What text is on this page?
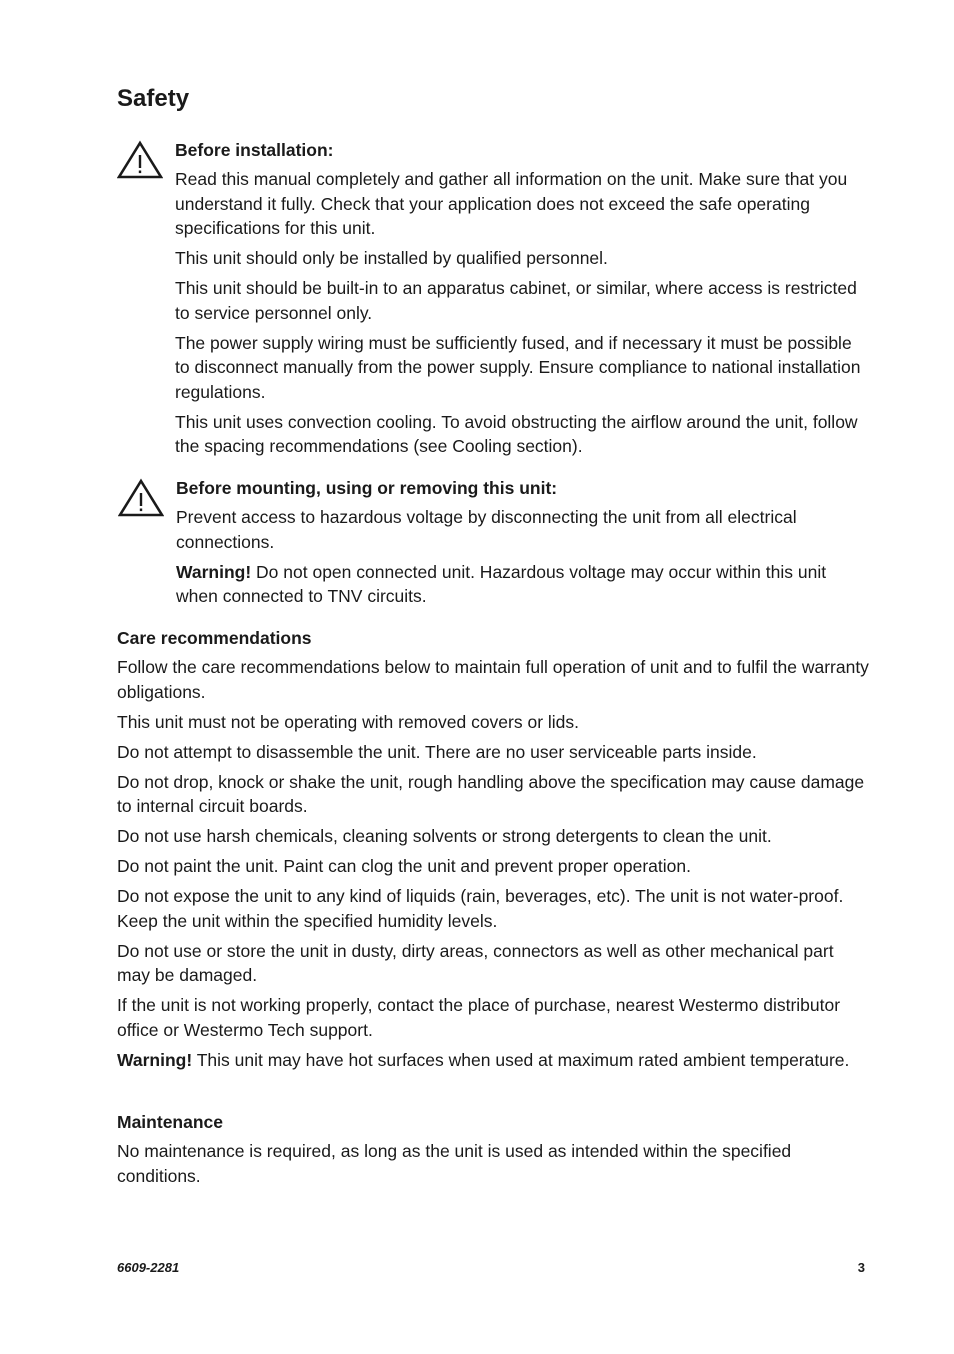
Safety
Before installation:

Read this manual completely and gather all information on the unit. Make sure that you understand it fully. Check that your application does not exceed the safe operating specifications for this unit.

This unit should only be installed by qualified personnel.

This unit should be built-in to an apparatus cabinet, or similar, where access is restricted to service personnel only.

The power supply wiring must be sufficiently fused, and if necessary it must be possible to disconnect manually from the power supply. Ensure compliance to national installation regulations.

This unit uses convection cooling. To avoid obstructing the airflow around the unit, follow the spacing recommendations (see Cooling section).

Before mounting, using or removing this unit:

Prevent access to hazardous voltage by disconnecting the unit from all electrical connections.

Warning! Do not open connected unit. Hazardous voltage may occur within this unit when connected to TNV circuits.

Care recommendations

Follow the care recommendations below to maintain full operation of unit and to fulfil the warranty obligations.

This unit must not be operating with removed covers or lids.

Do not attempt to disassemble the unit. There are no user serviceable parts inside.

Do not drop, knock or shake the unit, rough handling above the specification may cause damage to internal circuit boards.

Do not use harsh chemicals, cleaning solvents or strong detergents to clean the unit.

Do not paint the unit. Paint can clog the unit and prevent proper operation.

Do not expose the unit to any kind of liquids (rain, beverages, etc). The unit is not water-proof. Keep the unit within the specified humidity levels.

Do not use or store the unit in dusty, dirty areas, connectors as well as other mechanical part may be damaged.

If the unit is not working properly, contact the place of purchase, nearest Westermo distributor office or Westermo Tech support.

Warning! This unit may have hot surfaces when used at maximum rated ambient temperature.

Maintenance

No maintenance is required, as long as the unit is used as intended within the specified conditions.

6609-2281	3
